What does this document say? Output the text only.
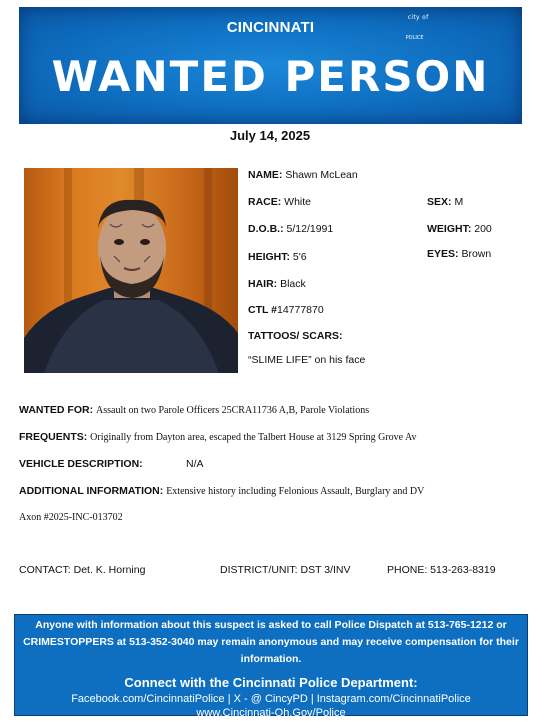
city of
CINCINNATI
POLICE
WANTED PERSON
July 14, 2025
NAME: Shawn McLean
RACE: White	SEX: M
D.O.B.: 5/12/1991	WEIGHT: 200
HEIGHT: 5'6	EYES: Brown
HAIR: Black
CTL #14777870
TATTOOS/ SCARS:
“SLIME LIFE” on his face
WANTED FOR: Assault on two Parole Officers 25CRA11736 A,B, Parole Violations
FREQUENTS: Originally from Dayton area, escaped the Talbert House at 3129 Spring Grove Av
VEHICLE DESCRIPTION:	N/A
ADDITIONAL INFORMATION: Extensive history including Felonious Assault, Burglary and DV
Axon #2025-INC-013702
CONTACT: Det. K. Horning	DISTRICT/UNIT: DST 3/INV	PHONE: 513-263-8319
Anyone with information about this suspect is asked to call Police Dispatch at 513-765-1212 or CRIMESTOPPERS at 513-352-3040 may remain anonymous and may receive compensation for their information.
Connect with the Cincinnati Police Department:
Facebook.com/CincinnatiPolice | X - @ CincyPD | Instagram.com/CincinnatiPolice
www.Cincinnati-Oh.Gov/Police
